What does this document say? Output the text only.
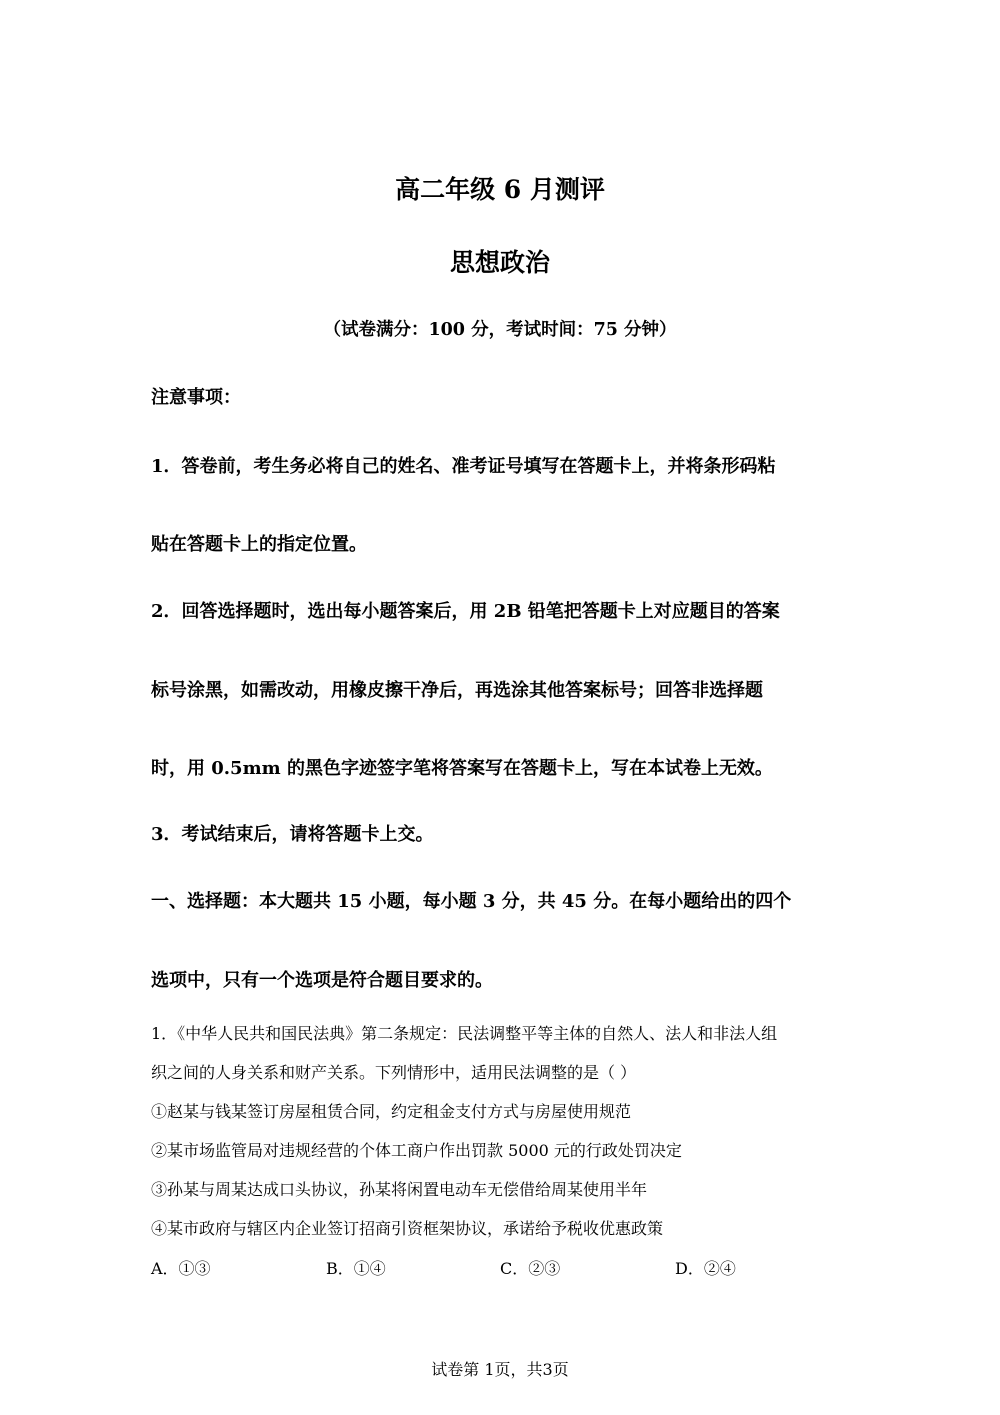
高二年级 6 月测评
思想政治
（试卷满分：100 分，考试时间：75 分钟）
注意事项：
1．答卷前，考生务必将自己的姓名、准考证号填写在答题卡上，并将条形码粘
贴在答题卡上的指定位置。
2．回答选择题时，选出每小题答案后，用 2B 铅笔把答题卡上对应题目的答案
标号涂黑，如需改动，用橡皮擦干净后，再选涂其他答案标号；回答非选择题
时，用 0.5mm 的黑色字迹签字笔将答案写在答题卡上，写在本试卷上无效。
3．考试结束后，请将答题卡上交。
一、选择题：本大题共 15 小题，每小题 3 分，共 45 分。在每小题给出的四个
选项中，只有一个选项是符合题目要求的。
1．《中华人民共和国民法典》第二条规定：民法调整平等主体的自然人、法人和非法人组
织之间的人身关系和财产关系。下列情形中，适用民法调整的是（ ）
①赵某与钱某签订房屋租赁合同，约定租金支付方式与房屋使用规范
②某市场监管局对违规经营的个体工商户作出罚款 5000 元的行政处罚决定
③孙某与周某达成口头协议，孙某将闲置电动车无偿借给周某使用半年
④某市政府与辖区内企业签订招商引资框架协议，承诺给予税收优惠政策
A．①③	B．①④	C．②③	D．②④
试卷第 1页，共3页
